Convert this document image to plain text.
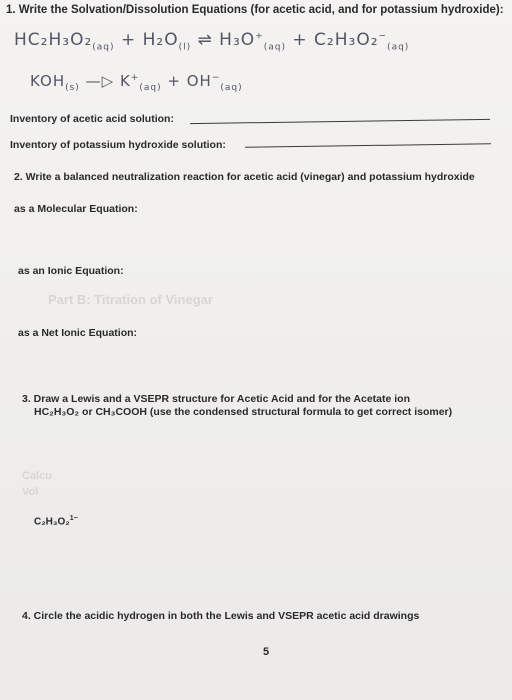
1. Write the Solvation/Dissolution Equations (for acetic acid, and for potassium hydroxide):
$HC_2H_3O_2_{(aq)} + H_2O_{(l)}$ ⇌ $H_3O^+_{(aq)} + C_2H_3O_2^-_{(aq)}$
$KOH_{(s)}$ —▷ $K^+_{(aq)} + OH^-_{(aq)}$
Inventory of acetic acid solution:
Inventory of potassium hydroxide solution:
2. Write a balanced neutralization reaction for acetic acid (vinegar) and potassium hydroxide
as a Molecular Equation:
as an Ionic Equation:
Part B: Titration of Vinegar
as a Net Ionic Equation:
3. Draw a Lewis and a VSEPR structure for Acetic Acid and for the Acetate ion
HC₂H₃O₂ or CH₃COOH (use the condensed structural formula to get correct isomer)
Calcu
Vol
C₂H₃O₂$^{1-}$
4. Circle the acidic hydrogen in both the Lewis and VSEPR acetic acid drawings
5
